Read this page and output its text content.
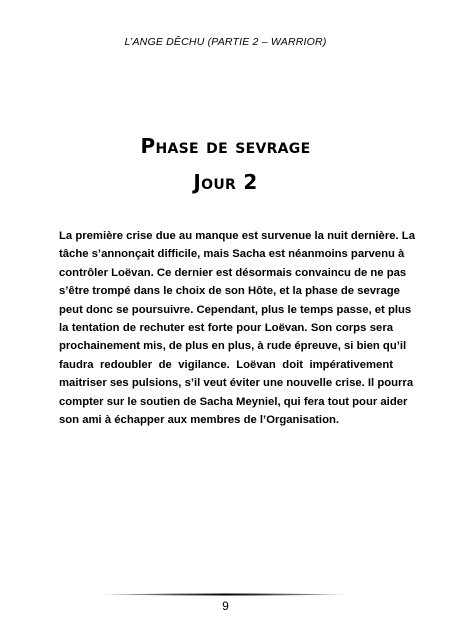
L’ANGE DÊCHU (PARTIE 2 – WARRIOR)
Phase de sevrage
Jour 2
La première crise due au manque est survenue la nuit dernière. La
tâche s’annonçait difficile, mais Sacha est néanmoins parvenu à
contrôler Loëvan. Ce dernier est désormais convaincu de ne pas
s’être trompé dans le choix de son Hôte, et la phase de sevrage
peut donc se poursuivre. Cependant, plus le temps passe, et plus
la tentation de rechuter est forte pour Loëvan. Son corps sera
prochainement mis, de plus en plus, à rude épreuve, si bien qu’il
faudra redoubler de vigilance. Loëvan doit impérativement
maitriser ses pulsions, s’il veut éviter une nouvelle crise. Il pourra
compter sur le soutien de Sacha Meyniel, qui fera tout pour aider
son ami à échapper aux membres de l’Organisation.
9
